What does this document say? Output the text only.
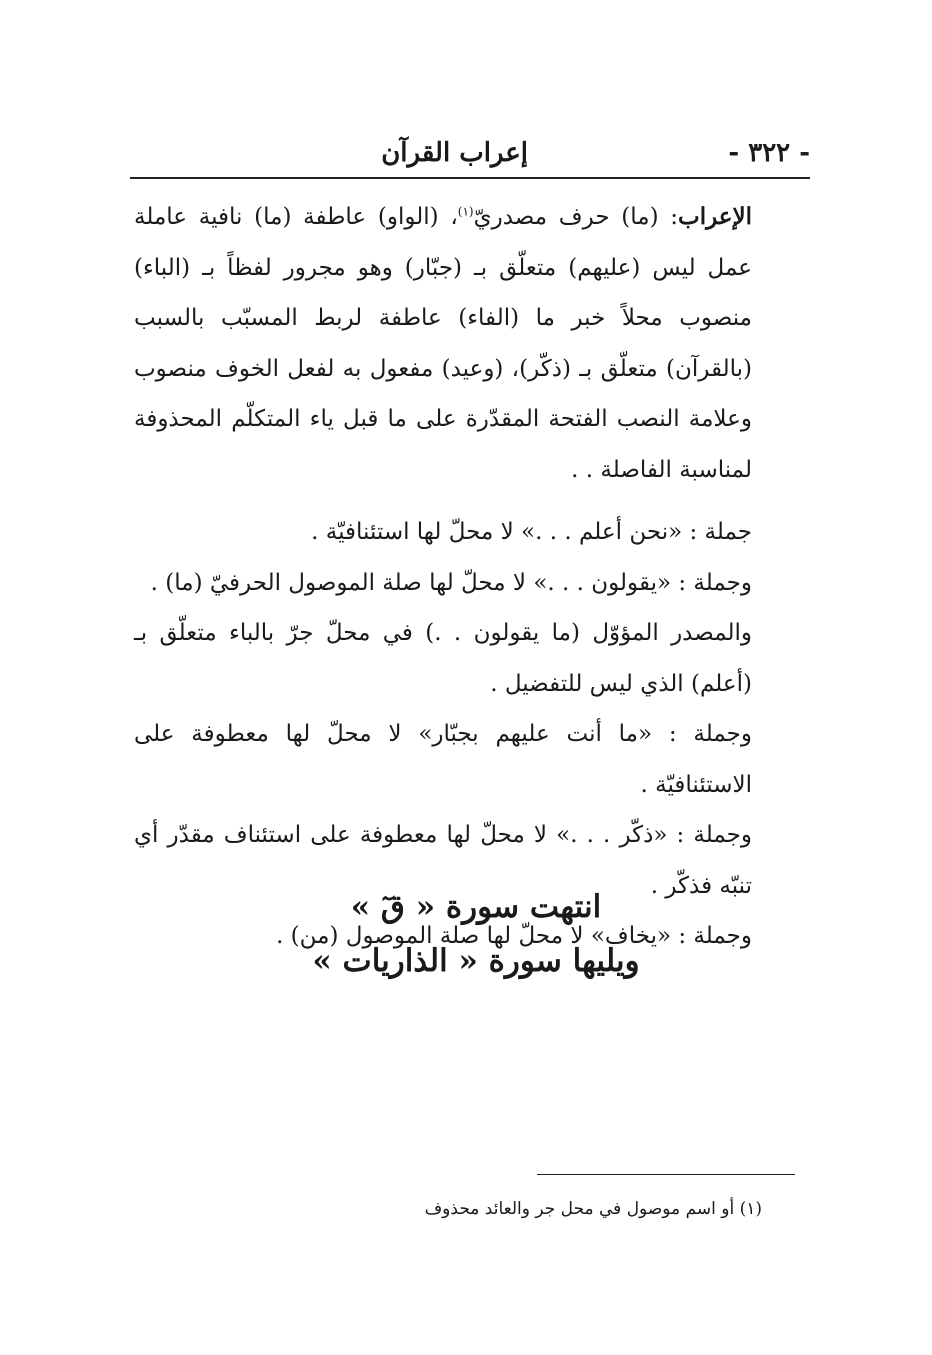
- ٣٢٢ -
إعراب القرآن

الإعراب: (ما) حرف مصدريّ$^{(١)}$، (الواو) عاطفة (ما) نافية عاملة عمل ليس (عليهم) متعلّق بـ (جبّار) وهو مجرور لفظاً بـ (الباء) منصوب محلاً خبر ما (الفاء) عاطفة لربط المسبّب بالسبب (بالقرآن) متعلّق بـ (ذكّر)، (وعيد) مفعول به لفعل الخوف منصوب وعلامة النصب الفتحة المقدّرة على ما قبل ياء المتكلّم المحذوفة لمناسبة الفاصلة . .

جملة : «نحن أعلم . . .» لا محلّ لها استئنافيّة .

وجملة : «يقولون . . .» لا محلّ لها صلة الموصول الحرفيّ (ما) .

والمصدر المؤوّل (ما يقولون . .) في محلّ جرّ بالباء متعلّق بـ (أعلم) الذي ليس للتفضيل .

وجملة : «ما أنت عليهم بجبّار» لا محلّ لها معطوفة على الاستئنافيّة .

وجملة : «ذكّر . . .» لا محلّ لها معطوفة على استئناف مقدّر أي تنبّه فذكّر .

وجملة : «يخاف» لا محلّ لها صلة الموصول (من) .

انتهت سورة « قٓ »
ويليها سورة « الذاريات »
(١) أو اسم موصول في محل جر والعائد محذوف
